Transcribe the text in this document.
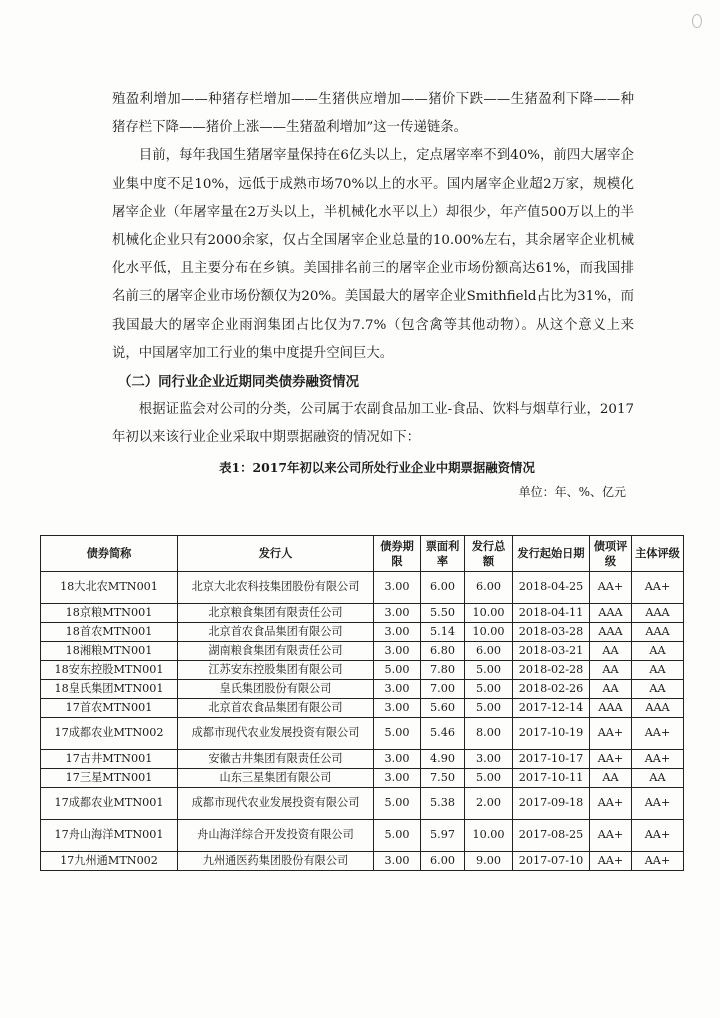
殖盈利增加——种猪存栏增加——生猪供应增加——猪价下跌——生猪盈利下降——种猪存栏下降——猪价上涨——生猪盈利增加”这一传递链条。

目前，每年我国生猪屠宰量保持在6亿头以上，定点屠宰率不到40%，前四大屠宰企业集中度不足10%，远低于成熟市场70%以上的水平。国内屠宰企业超2万家，规模化屠宰企业（年屠宰量在2万头以上，半机械化水平以上）却很少，年产值500万以上的半机械化企业只有2000余家，仅占全国屠宰企业总量的10.00%左右，其余屠宰企业机械化水平低，且主要分布在乡镇。美国排名前三的屠宰企业市场份额高达61%，而我国排名前三的屠宰企业市场份额仅为20%。美国最大的屠宰企业Smithfield占比为31%，而我国最大的屠宰企业雨润集团占比仅为7.7%（包含禽等其他动物）。从这个意义上来说，中国屠宰加工行业的集中度提升空间巨大。

（二）同行业企业近期同类债券融资情况

根据证监会对公司的分类，公司属于农副食品加工业-食品、饮料与烟草行业，2017年初以来该行业企业采取中期票据融资的情况如下：

表1：2017年初以来公司所处行业企业中期票据融资情况
单位：年、%、亿元
债券简称	发行人	债券期限	票面利率	发行总额	发行起始日期	债项评级	主体评级
18大北农MTN001	北京大北农科技集团股份有限公司	3.00	6.00	6.00	2018-04-25	AA+	AA+
18京粮MTN001	北京粮食集团有限责任公司	3.00	5.50	10.00	2018-04-11	AAA	AAA
18首农MTN001	北京首农食品集团有限公司	3.00	5.14	10.00	2018-03-28	AAA	AAA
18湘粮MTN001	湖南粮食集团有限责任公司	3.00	6.80	6.00	2018-03-21	AA	AA
18安东控股MTN001	江苏安东控股集团有限公司	5.00	7.80	5.00	2018-02-28	AA	AA
18皇氏集团MTN001	皇氏集团股份有限公司	3.00	7.00	5.00	2018-02-26	AA	AA
17首农MTN001	北京首农食品集团有限公司	3.00	5.60	5.00	2017-12-14	AAA	AAA
17成都农业MTN002	成都市现代农业发展投资有限公司	5.00	5.46	8.00	2017-10-19	AA+	AA+
17古井MTN001	安徽古井集团有限责任公司	3.00	4.90	3.00	2017-10-17	AA+	AA+
17三星MTN001	山东三星集团有限公司	3.00	7.50	5.00	2017-10-11	AA	AA
17成都农业MTN001	成都市现代农业发展投资有限公司	5.00	5.38	2.00	2017-09-18	AA+	AA+
17舟山海洋MTN001	舟山海洋综合开发投资有限公司	5.00	5.97	10.00	2017-08-25	AA+	AA+
17九州通MTN002	九州通医药集团股份有限公司	3.00	6.00	9.00	2017-07-10	AA+	AA+
